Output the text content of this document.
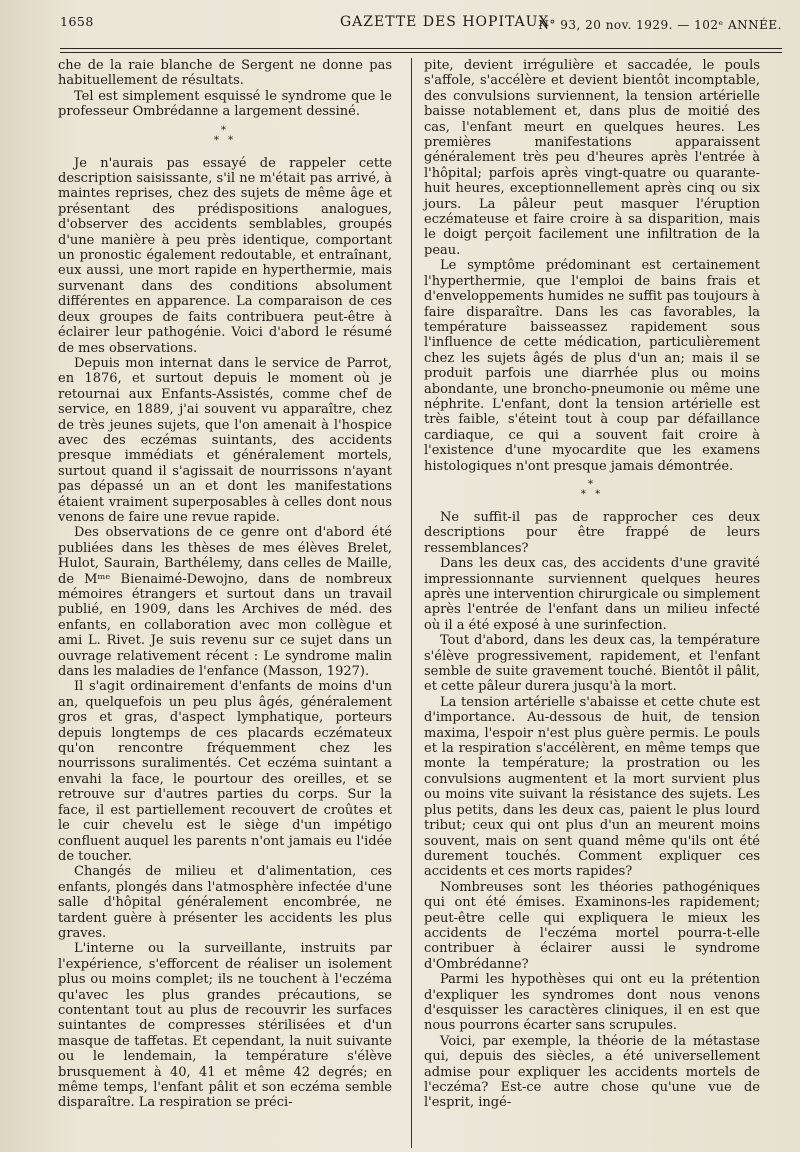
1658	GAZETTE DES HOPITAUX
N° 93, 20 nov. 1929. — 102ᵉ ANNÉE.

che de la raie blanche de Sergent ne donne pas habituellement de résultats.

Tel est simplement esquissé le syndrome que le professeur Ombrédanne a largement dessiné.

*
* *

Je n'aurais pas essayé de rappeler cette description saisissante, s'il ne m'était pas arrivé, à maintes reprises, chez des sujets de même âge et présentant des prédispositions analogues, d'observer des accidents semblables, groupés d'une manière à peu près identique, comportant un pronostic également redoutable, et entraînant, eux aussi, une mort rapide en hyperthermie, mais survenant dans des conditions absolument différentes en apparence. La comparaison de ces deux groupes de faits contribuera peut-être à éclairer leur pathogénie. Voici d'abord le résumé de mes observations.

Depuis mon internat dans le service de Parrot, en 1876, et surtout depuis le moment où je retournai aux Enfants-Assistés, comme chef de service, en 1889, j'ai souvent vu apparaître, chez de très jeunes sujets, que l'on amenait à l'hospice avec des eczémas suintants, des accidents presque immédiats et généralement mortels, surtout quand il s'agissait de nourrissons n'ayant pas dépassé un an et dont les manifestations étaient vraiment superposables à celles dont nous venons de faire une revue rapide.

Des observations de ce genre ont d'abord été publiées dans les thèses de mes élèves Brelet, Hulot, Saurain, Barthélemy, dans celles de Maille, de Mᵐᵉ Bienaimé-Dewojno, dans de nombreux mémoires étrangers et surtout dans un travail publié, en 1909, dans les Archives de méd. des enfants, en collaboration avec mon collègue et ami L. Rivet. Je suis revenu sur ce sujet dans un ouvrage relativement récent : Le syndrome malin dans les maladies de l'enfance (Masson, 1927).

Il s'agit ordinairement d'enfants de moins d'un an, quelquefois un peu plus âgés, généralement gros et gras, d'aspect lymphatique, porteurs depuis longtemps de ces placards eczémateux qu'on rencontre fréquemment chez les nourrissons suralimentés. Cet eczéma suintant a envahi la face, le pourtour des oreilles, et se retrouve sur d'autres parties du corps. Sur la face, il est partiellement recouvert de croûtes et le cuir chevelu est le siège d'un impétigo confluent auquel les parents n'ont jamais eu l'idée de toucher.

Changés de milieu et d'alimentation, ces enfants, plongés dans l'atmosphère infectée d'une salle d'hôpital généralement encombrée, ne tardent guère à présenter les accidents les plus graves.

L'interne ou la surveillante, instruits par l'expérience, s'efforcent de réaliser un isolement plus ou moins complet; ils ne touchent à l'eczéma qu'avec les plus grandes précautions, se contentant tout au plus de recouvrir les surfaces suintantes de compresses stérilisées et d'un masque de taffetas. Et cependant, la nuit suivante ou le lendemain, la température s'élève brusquement à 40, 41 et même 42 degrés; en même temps, l'enfant pâlit et son eczéma semble disparaître. La respiration se préci-

pite, devient irrégulière et saccadée, le pouls s'affole, s'accélère et devient bientôt incomptable, des convulsions surviennent, la tension artérielle baisse notablement et, dans plus de moitié des cas, l'enfant meurt en quelques heures. Les premières manifestations apparaissent généralement très peu d'heures après l'entrée à l'hôpital; parfois après vingt-quatre ou quarante-huit heures, exceptionnellement après cinq ou six jours. La pâleur peut masquer l'éruption eczémateuse et faire croire à sa disparition, mais le doigt perçoit facilement une infiltration de la peau.

Le symptôme prédominant est certainement l'hyperthermie, que l'emploi de bains frais et d'enveloppements humides ne suffit pas toujours à faire disparaître. Dans les cas favorables, la température baisseassez rapidement sous l'influence de cette médication, particulièrement chez les sujets âgés de plus d'un an; mais il se produit parfois une diarrhée plus ou moins abondante, une broncho-pneumonie ou même une néphrite. L'enfant, dont la tension artérielle est très faible, s'éteint tout à coup par défaillance cardiaque, ce qui a souvent fait croire à l'existence d'une myocardite que les examens histologiques n'ont presque jamais démontrée.

*
* *

Ne suffit-il pas de rapprocher ces deux descriptions pour être frappé de leurs ressemblances?

Dans les deux cas, des accidents d'une gravité impressionnante surviennent quelques heures après une intervention chirurgicale ou simplement après l'entrée de l'enfant dans un milieu infecté où il a été exposé à une surinfection.

Tout d'abord, dans les deux cas, la température s'élève progressivement, rapidement, et l'enfant semble de suite gravement touché. Bientôt il pâlit, et cette pâleur durera jusqu'à la mort.

La tension artérielle s'abaisse et cette chute est d'importance. Au-dessous de huit, de tension maxima, l'espoir n'est plus guère permis. Le pouls et la respiration s'accélèrent, en même temps que monte la température; la prostration ou les convulsions augmentent et la mort survient plus ou moins vite suivant la résistance des sujets. Les plus petits, dans les deux cas, paient le plus lourd tribut; ceux qui ont plus d'un an meurent moins souvent, mais on sent quand même qu'ils ont été durement touchés. Comment expliquer ces accidents et ces morts rapides?

Nombreuses sont les théories pathogéniques qui ont été émises. Examinons-les rapidement; peut-être celle qui expliquera le mieux les accidents de l'eczéma mortel pourra-t-elle contribuer à éclairer aussi le syndrome d'Ombrédanne?

Parmi les hypothèses qui ont eu la prétention d'expliquer les syndromes dont nous venons d'esquisser les caractères cliniques, il en est que nous pourrons écarter sans scrupules.

Voici, par exemple, la théorie de la métastase qui, depuis des siècles, a été universellement admise pour expliquer les accidents mortels de l'eczéma? Est-ce autre chose qu'une vue de l'esprit, ingé-
